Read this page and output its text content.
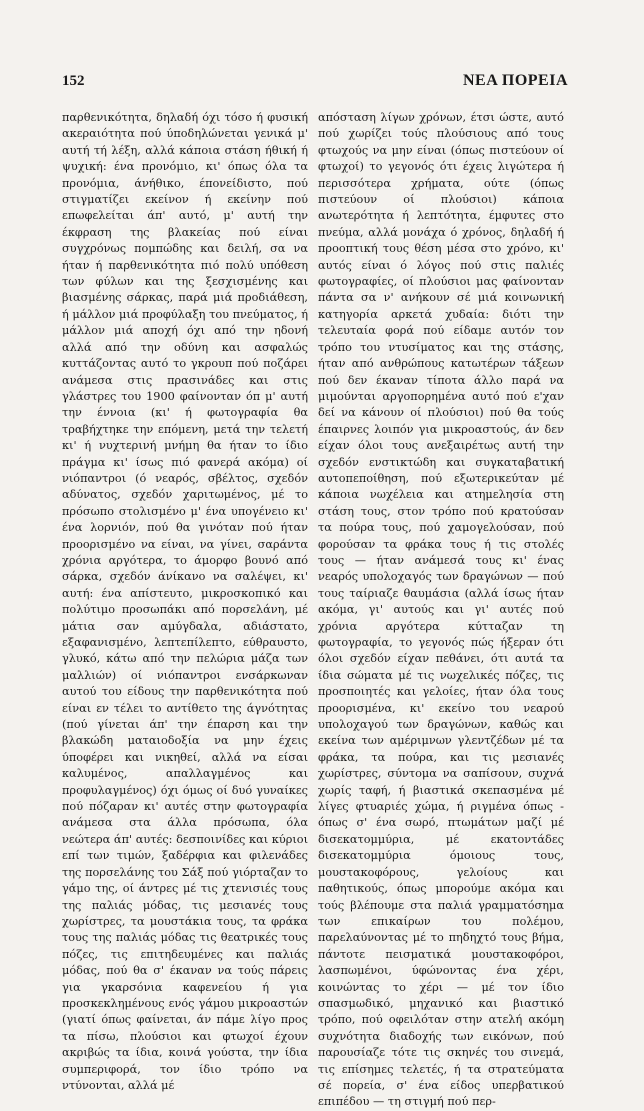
152	ΝΕΑ ΠΟΡΕΙΑ

παρθενικότητα, δηλαδή όχι τόσο ή φυσική ακεραιότητα πού ύποδηλώνεται γενικά μ' αυτή τή λέξη, αλλά κάποια στάση ήθική ή ψυχική: ένα προνόμιο, κι' όπως όλα τα προνόμια, άνήθικο, έπονείδιστο, πού στιγματίζει εκείνον ή εκείνην πού επωφελείται άπ' αυτό, μ' αυτή την έκφραση της βλακείας πού είναι συγχρόνως πομπώδης και δειλή, σα να ήταν ή παρθενικότητα πιό πολύ υπόθεση των φύλων και της ξεσχισμένης και βιασμένης σάρκας, παρά μιά προδιάθεση, ή μάλλον μιά προφύλαξη του πνεύματος, ή μάλλον μιά αποχή όχι από την ηδονή αλλά από την οδύνη και ασφαλώς κυττάζοντας αυτό το γκρουπ πού ποζάρει ανάμεσα στις πρασινάδες και στις γλάστρες του 1900 φαίνονταν όπ μ' αυτή την έννοια (κι' ή φωτογραφία θα τραβήχτηκε την επόμενη, μετά την τελετή κι' ή νυχτερινή μνήμη θα ήταν το ίδιο πράγμα κι' ίσως πιό φανερά ακόμα) οί νιόπαντροι (ό νεαρός, σβέλτος, σχεδόν αδύνατος, σχεδόν χαριτωμένος, μέ το πρόσωπο στολισμένο μ' ένα υπογένειο κι' ένα λορνιόν, πού θα γινόταν πού ήταν προορισμένο να είναι, να γίνει, σαράντα χρόνια αργότερα, το άμορφο βουνό από σάρκα, σχεδόν άνίκανο να σαλέψει, κι' αυτή: ένα απίστευτο, μικροσκοπικό και πολύτιμο προσωπάκι από πορσελάνη, μέ μάτια σαν αμύγδαλα, αδιάστατο, εξαφανισμένο, λεπτεπίλεπτο, εύθραυστο, γλυκό, κάτω από την πελώρια μάζα των μαλλιών) οί νιόπαντροι ενσάρκωναν αυτού του είδους την παρθενικότητα πού είναι εν τέλει το αντίθετο της άγνότητας (πού γίνεται άπ' την έπαρση και την βλακώδη ματαιοδοξία να μην έχεις ύποφέρει και νικηθεί, αλλά να είσαι καλυμένος, απαλλαγμένος και προφυλαγμένος) όχι όμως οί δυό γυναίκες πού πόζαραν κι' αυτές στην φωτογραφία ανάμεσα στα άλλα πρόσωπα, όλα νεώτερα άπ' αυτές: δεσποινίδες και κύριοι επί των τιμών, ξαδέρφια και φιλενάδες της πορσελάνης του Σάξ πού γιόρταζαν το γάμο της, οί άντρες μέ τις χτενισιές τους της παλιάς μόδας, τις μεσιανές τους χωρίστρες, τα μουστάκια τους, τα φράκα τους της παλιάς μόδας τις θεατρικές τους πόζες, τις επιτηδευμένες και παλιάς μόδας, πού θα σ' έκαναν να τούς πάρεις για γκαρσόνια καφενείου ή για προσκεκλημένους ενός γάμου μικροαστών (γιατί όπως φαίνεται, άν πάμε λίγο προς τα πίσω, πλούσιοι και φτωχοί έχουν ακριβώς τα ίδια, κοινά γούστα, την ίδια συμπεριφορά, τον ίδιο τρόπο να ντύνονται, αλλά μέ

απόσταση λίγων χρόνων, έτσι ώστε, αυτό πού χωρίζει τούς πλούσιους από τους φτωχούς να μην είναι (όπως πιστεύουν οί φτωχοί) το γεγονός ότι έχεις λιγώτερα ή περισσότερα χρήματα, ούτε (όπως πιστεύουν οί πλούσιοι) κάποια ανωτερότητα ή λεπτότητα, έμφυτες στο πνεύμα, αλλά μονάχα ό χρόνος, δηλαδή ή προοπτική τους θέση μέσα στο χρόνο, κι' αυτός είναι ό λόγος πού στις παλιές φωτογραφίες, οί πλούσιοι μας φαίνονταν πάντα σα ν' ανήκουν σέ μιά κοινωνική κατηγορία αρκετά χυδαία: διότι την τελευταία φορά πού είδαμε αυτόν τον τρόπο του ντυσίματος και της στάσης, ήταν από ανθρώπους κατωτέρων τάξεων πού δεν έκαναν τίποτα άλλο παρά να μιμούνται αργοπορημένα αυτό πού ε'χαν δεί να κάνουν οί πλούσιοι) πού θα τούς έπαιρνες λοιπόν για μικροαστούς, άν δεν είχαν όλοι τους ανεξαιρέτως αυτή την σχεδόν ενστικτώδη και συγκαταβατική αυτοπεποίθηση, πού εξωτερικεύταν μέ κάποια νωχέλεια και ατημελησία στη στάση τους, στον τρόπο πού κρατούσαν τα πούρα τους, πού χαμογελούσαν, πού φορούσαν τα φράκα τους ή τις στολές τους — ήταν ανάμεσά τους κι' ένας νεαρός υπολοχαγός των δραγώνων — πού τους ταίριαζε θαυμάσια (αλλά ίσως ήταν ακόμα, γι' αυτούς και γι' αυτές πού χρόνια αργότερα κύτταζαν τη φωτογραφία, το γεγονός πώς ήξεραν ότι όλοι σχεδόν είχαν πεθάνει, ότι αυτά τα ίδια σώματα μέ τις νωχελικές πόζες, τις προσποιητές και γελοίες, ήταν όλα τους προορισμένα, κι' εκείνο του νεαρού υπολοχαγού των δραγώνων, καθώς και εκείνα των αμέριμνων γλεντζέδων μέ τα φράκα, τα πούρα, και τις μεσιανές χωρίστρες, σύντομα να σαπίσουν, συχνά χωρίς ταφή, ή βιαστικά σκεπασμένα μέ λίγες φτυαριές χώμα, ή ριγμένα όπως - όπως σ' ένα σωρό, πτωμάτων μαζί μέ δισεκατομμύρια, μέ εκατοντάδες δισεκατομμύρια όμοιους τους, μουστακοφόρους, γελοίους και παθητικούς, όπως μπορούμε ακόμα και τούς βλέπουμε στα παλιά γραμματόσημα των επικαίρων του πολέμου, παρελαύνοντας μέ το πηδηχτό τους βήμα, πάντοτε πεισματικά μουστακοφόροι, λασπωμένοι, ύφώνοντας ένα χέρι, κοινώντας το χέρι — μέ τον ίδιο σπασμωδικό, μηχανικό και βιαστικό τρόπο, πού οφειλόταν στην ατελή ακόμη συχνότητα διαδοχής των εικόνων, πού παρουσίαζε τότε τις σκηνές του σινεμά, τις επίσημες τελετές, ή τα στρατεύματα σέ πορεία, σ' ένα είδος υπερβατικού επιπέδου — τη στιγμή πού περ-
